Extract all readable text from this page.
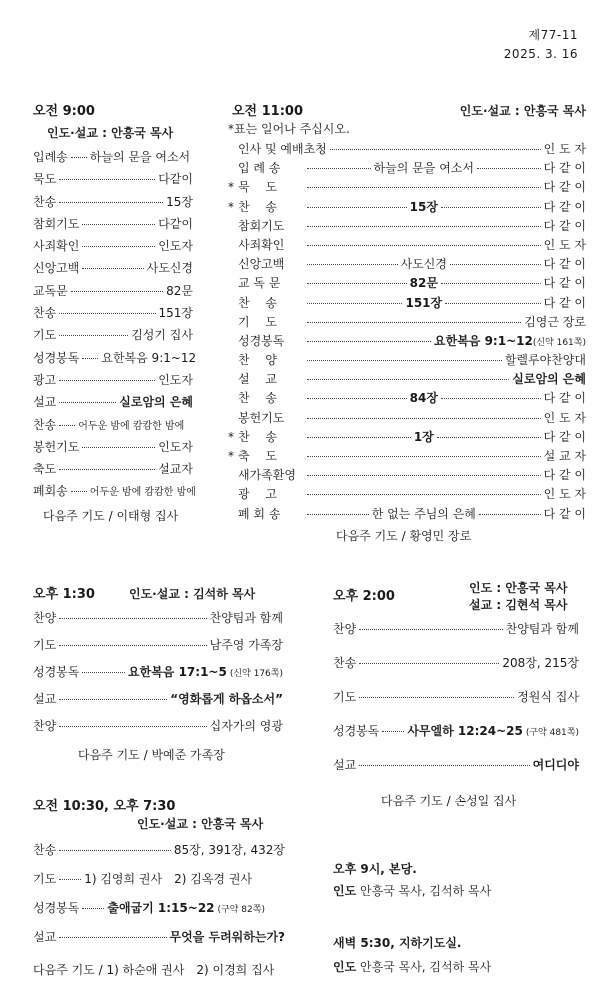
제77-11
2025. 3. 16
오전 9:00
인도·설교 : 안흥국 목사
입례송 하늘의 문을 여소서
묵도	다같이
찬송	15장
참회기도	다같이
사죄확인	인도자
신앙고백	사도신경
교독문	82문
찬송	151장
기도	김성기 집사
성경봉독 요한복음 9:1~12
광고	인도자
설교	실로암의 은혜
찬송 어두운 밤에 캄캄한 밤에
봉헌기도	인도자
축도	설교자
폐회송 어두운 밤에 캄캄한 밤에
다음주 기도 / 이태형 집사
오전 11:00	인도·설교 : 안흥국 목사
*표는 일어나 주십시오.
인사 및 예배초청	인 도 자
입 례 송	하늘의 문을 여소서	다 같 이
* 묵　 도	다 같 이
* 찬　 송	15장	다 같 이
참회기도	다 같 이
사죄확인	인 도 자
신앙고백	사도신경	다 같 이
교 독 문	82문	다 같 이
찬　 송	151장	다 같 이
기　 도	김영근 장로
성경봉독	요한복음 9:1~12 (신약 161쪽)
찬　 양	할렐루야찬양대
설　 교	실로암의 은혜
찬　 송	84장	다 같 이
봉헌기도	인 도 자
* 찬　 송	1장	다 같 이
* 축　 도	설 교 자
새가족환영	다 같 이
광　 고	인 도 자
폐 회 송	한 없는 주님의 은혜	다 같 이
다음주 기도 / 황영민 장로
오후 1:30	인도·설교 : 김석하 목사
찬양	찬양팀과 함께
기도	남주영 가족장
성경봉독	요한복음 17:1~5 (신약 176쪽)
설교	“영화롭게 하옵소서”
찬양	십자가의 영광
다음주 기도 / 박예준 가족장
오전 10:30, 오후 7:30
인도·설교 : 안흥국 목사
찬송	85장, 391장, 432장
기도 1) 김영희 권사　2) 김옥경 권사
성경봉독 출애굽기 1:15~22 (구약 82쪽)
설교	무엇을 두려워하는가?
다음주 기도 / 1) 하순애 권사　2) 이경희 집사
오후 2:00
인도 : 안흥국 목사
설교 : 김현석 목사
찬양	찬양팀과 함께
찬송	208장, 215장
기도	정원식 집사
성경봉독 사무엘하 12:24~25 (구약 481쪽)
설교	여디디야
다음주 기도 / 손성일 집사
오후 9시, 본당.
인도 안흥국 목사, 김석하 목사
새벽 5:30, 지하기도실.
인도 안흥국 목사, 김석하 목사
